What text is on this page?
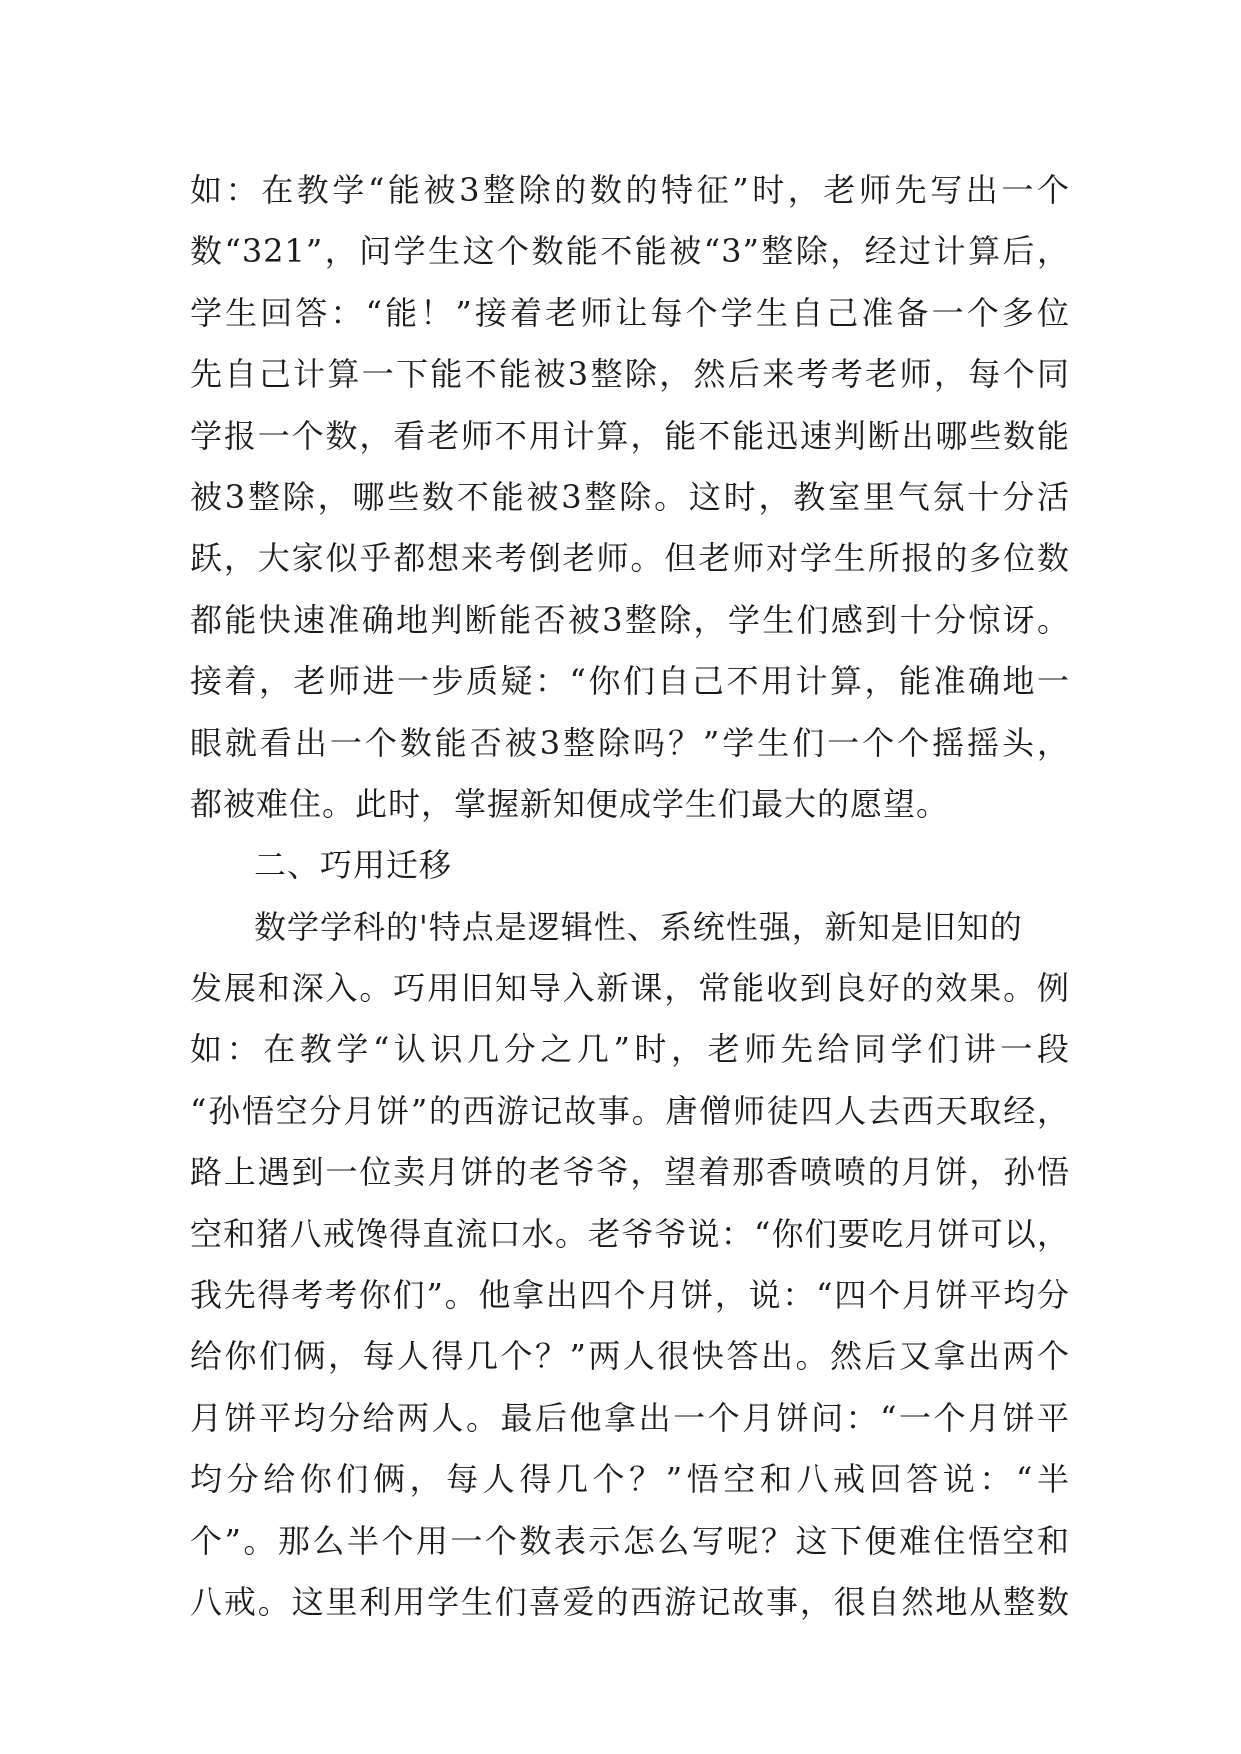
如：在教学“能被3整除的数的特征”时，老师先写出一个
数“321”，问学生这个数能不能被“3”整除，经过计算后，
学生回答：“能！”接着老师让每个学生自己准备一个多位
先自己计算一下能不能被3整除，然后来考考老师，每个同
学报一个数，看老师不用计算，能不能迅速判断出哪些数能
被3整除，哪些数不能被3整除。这时，教室里气氛十分活
跃，大家似乎都想来考倒老师。但老师对学生所报的多位数
都能快速准确地判断能否被3整除，学生们感到十分惊讶。
接着，老师进一步质疑：“你们自己不用计算，能准确地一
眼就看出一个数能否被3整除吗？”学生们一个个摇摇头，
都被难住。此时，掌握新知便成学生们最大的愿望。
二、巧用迁移
数学学科的'特点是逻辑性、系统性强，新知是旧知的
发展和深入。巧用旧知导入新课，常能收到良好的效果。例
如：在教学“认识几分之几”时，老师先给同学们讲一段
“孙悟空分月饼”的西游记故事。唐僧师徒四人去西天取经，
路上遇到一位卖月饼的老爷爷，望着那香喷喷的月饼，孙悟
空和猪八戒馋得直流口水。老爷爷说：“你们要吃月饼可以，
我先得考考你们”。他拿出四个月饼，说：“四个月饼平均分
给你们俩，每人得几个？”两人很快答出。然后又拿出两个
月饼平均分给两人。最后他拿出一个月饼问：“一个月饼平
均分给你们俩，每人得几个？”悟空和八戒回答说：“半
个”。那么半个用一个数表示怎么写呢？这下便难住悟空和
八戒。这里利用学生们喜爱的西游记故事，很自然地从整数
